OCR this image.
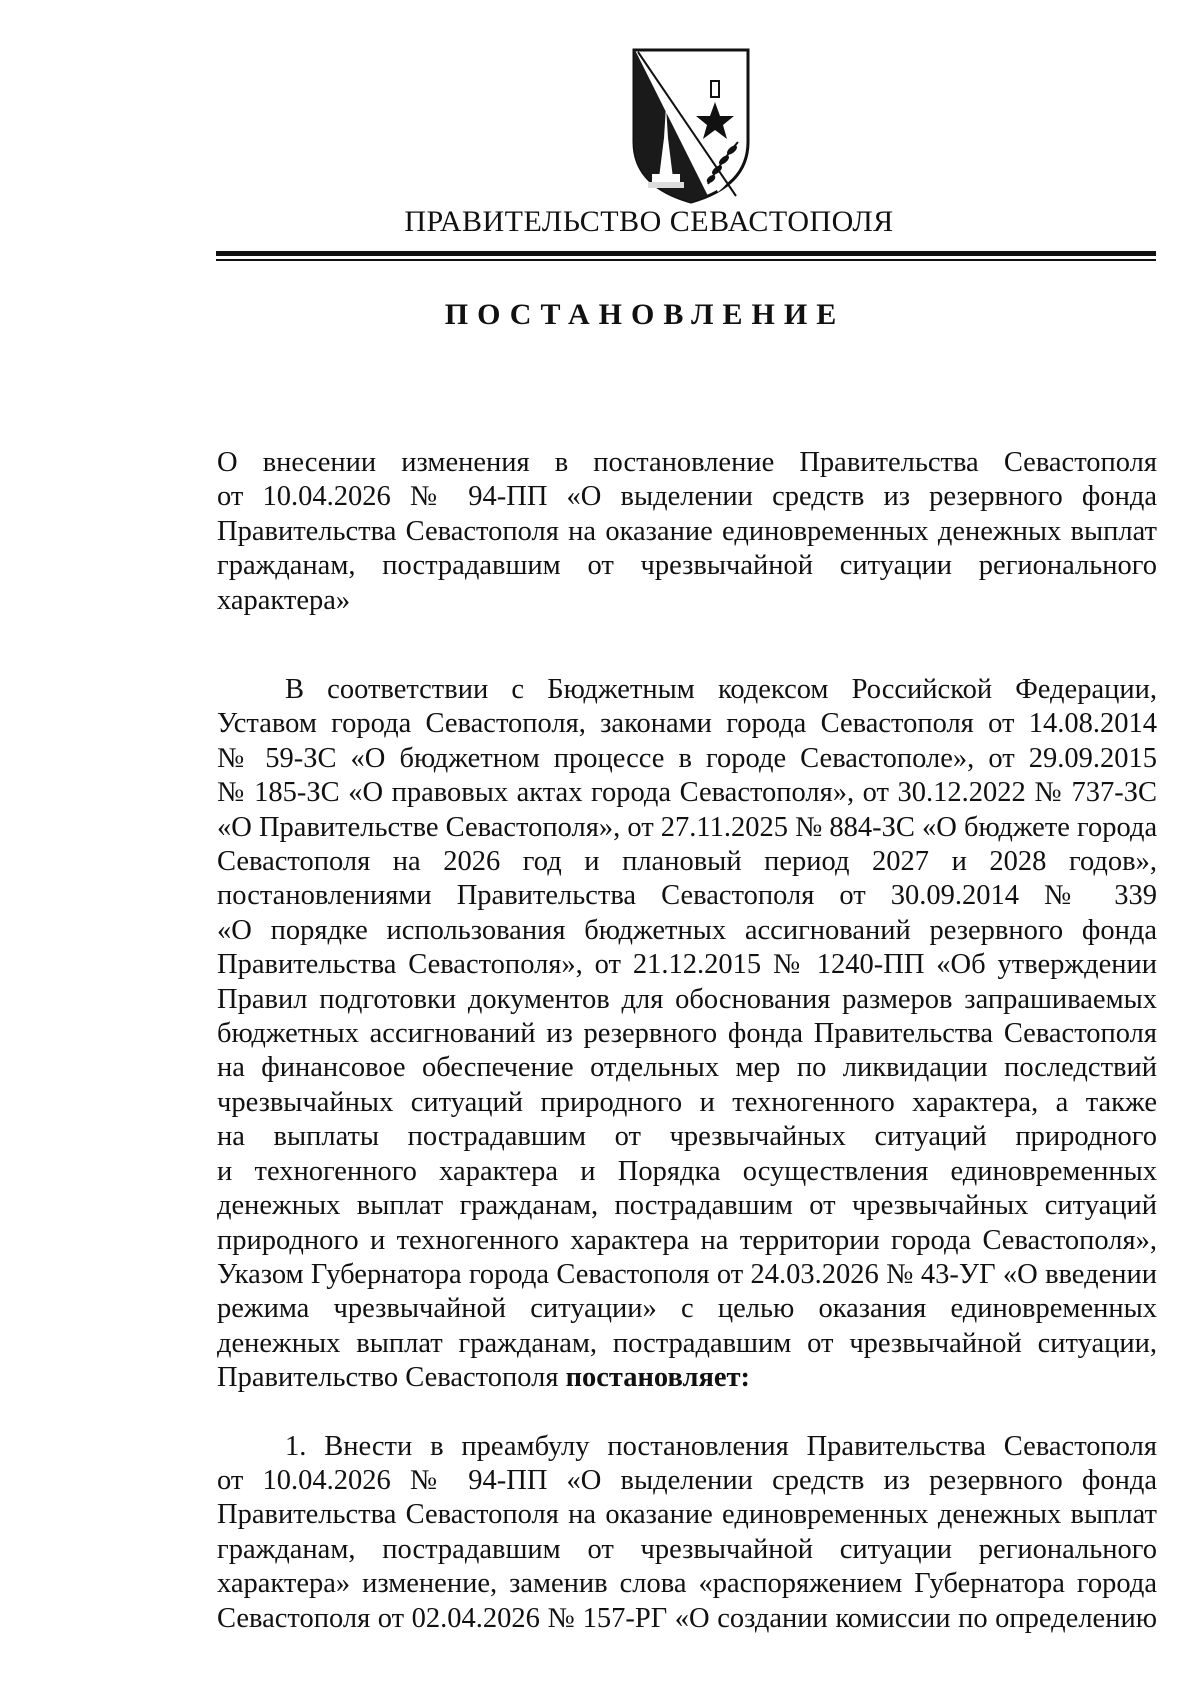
ПРАВИТЕЛЬСТВО СЕВАСТОПОЛЯ
ПОСТАНОВЛЕНИЕ
О внесении изменения в постановление Правительства Севастополя
от 10.04.2026 № 94-ПП «О выделении средств из резервного фонда
Правительства Севастополя на оказание единовременных денежных выплат
гражданам, пострадавшим от чрезвычайной ситуации регионального
характера»
В соответствии с Бюджетным кодексом Российской Федерации,
Уставом города Севастополя, законами города Севастополя от 14.08.2014
№ 59-ЗС «О бюджетном процессе в городе Севастополе», от 29.09.2015
№ 185-ЗС «О правовых актах города Севастополя», от 30.12.2022 № 737-ЗС
«О Правительстве Севастополя», от 27.11.2025 № 884-ЗС «О бюджете города
Севастополя на 2026 год и плановый период 2027 и 2028 годов»,
постановлениями Правительства Севастополя от 30.09.2014 № 339
«О порядке использования бюджетных ассигнований резервного фонда
Правительства Севастополя», от 21.12.2015 № 1240-ПП «Об утверждении
Правил подготовки документов для обоснования размеров запрашиваемых
бюджетных ассигнований из резервного фонда Правительства Севастополя
на финансовое обеспечение отдельных мер по ликвидации последствий
чрезвычайных ситуаций природного и техногенного характера, а также
на выплаты пострадавшим от чрезвычайных ситуаций природного
и техногенного характера и Порядка осуществления единовременных
денежных выплат гражданам, пострадавшим от чрезвычайных ситуаций
природного и техногенного характера на территории города Севастополя»,
Указом Губернатора города Севастополя от 24.03.2026 № 43-УГ «О введении
режима чрезвычайной ситуации» с целью оказания единовременных
денежных выплат гражданам, пострадавшим от чрезвычайной ситуации,
Правительство Севастополя постановляет:
1. Внести в преамбулу постановления Правительства Севастополя
от 10.04.2026 № 94-ПП «О выделении средств из резервного фонда
Правительства Севастополя на оказание единовременных денежных выплат
гражданам, пострадавшим от чрезвычайной ситуации регионального
характера» изменение, заменив слова «распоряжением Губернатора города
Севастополя от 02.04.2026 № 157-РГ «О создании комиссии по определению
